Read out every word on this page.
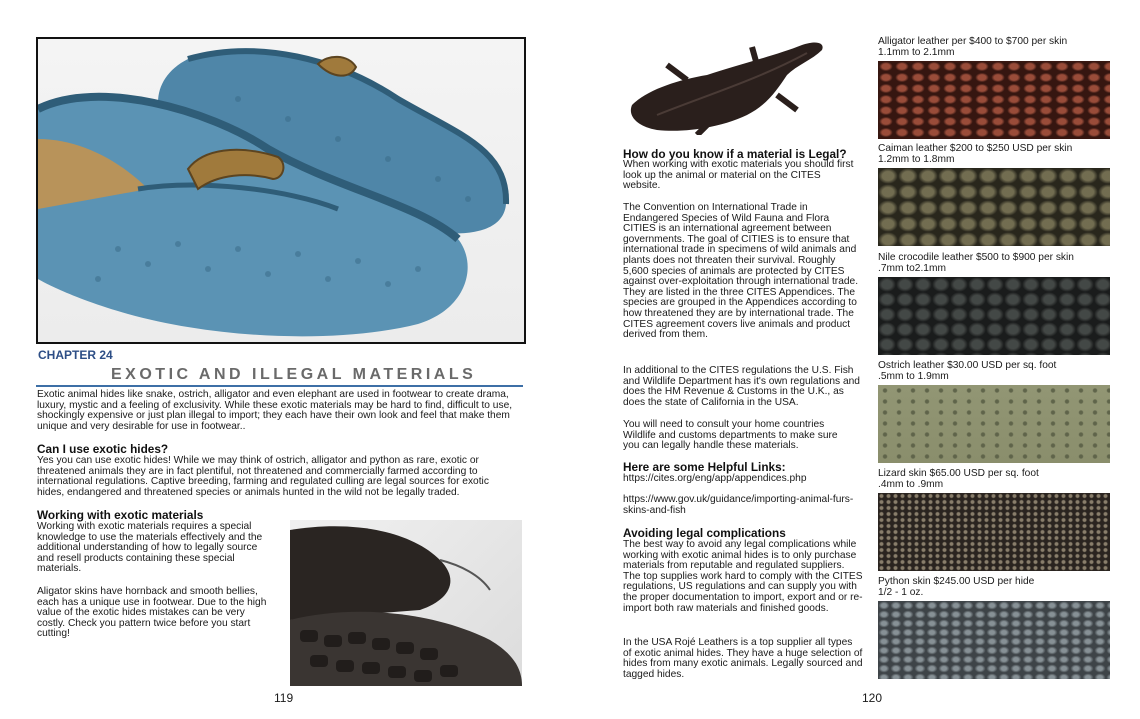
CHAPTER 24
EXOTIC AND ILLEGAL MATERIALS

Exotic animal hides like snake, ostrich, alligator and even elephant are used in footwear to create drama, luxury, mystic and a feeling of exclusivity. While these exotic materials may be hard to find, difficult to use, shockingly expensive or just plan illegal to import; they each have their own look and feel that make them unique and very desirable for use in footwear..

Can I use exotic hides?

Yes you can use exotic hides! While we may think of ostrich, alligator and python as rare, exotic or threatened animals they are in fact plentiful, not threatened and commercially farmed according to international regulations. Captive breeding, farming and regulated culling are legal sources for exotic hides, endangered and threatened species or animals hunted in the wild not be legally traded.

Working with exotic materials

Working with exotic materials requires a special knowledge to use the materials effectively and the additional understanding of how to legally source and resell products containing these special materials.

Aligator skins have hornback and smooth bellies, each has a unique use in footwear. Due to the high value of the exotic hides mistakes can be very costly. Check you pattern twice before you start cutting!

119
How do you know if a material is Legal?

When working with exotic materials you should first look up the animal or material on the CITES website.

The Convention on International Trade in Endangered Species of Wild Fauna and Flora CITIES is an international agreement between governments. The goal of CITIES is to ensure that international trade in specimens of wild animals and plants does not threaten their survival. Roughly 5,600 species of animals are protected by CITES against over-exploitation through international trade. They are listed in the three CITES Appendices. The species are grouped in the Appendices according to how threatened they are by international trade. The CITES agreement covers live animals and product derived from them.

In additional to the CITES regulations the U.S. Fish and Wildlife Department has it's own regulations and does the HM Revenue & Customs in the U.K., as does the state of California in the USA.

You will need to consult your home countries Wildlife and customs departments to make sure you can legally handle these materials.

Here are some Helpful Links:
https://cites.org/eng/app/appendices.php
https://www.gov.uk/guidance/importing-animal-furs-skins-and-fish
Avoiding legal complications

The best way to avoid any legal complications while working with exotic animal hides is to only purchase materials from reputable and regulated suppliers. The top supplies work hard to comply with the CITES regulations, US regulations and can supply you with the proper documentation to import, export and or re-import both raw materials and finished goods.

In the USA Rojé Leathers is a top supplier all types of exotic animal hides. They have a huge selection of hides from many exotic animals. Legally sourced and tagged hides.

120
Alligator leather per $400 to $700 per skin
1.1mm to 2.1mm
Caiman leather $200 to $250 USD per skin
1.2mm to 1.8mm
Nile crocodile leather $500 to $900 per skin
.7mm to2.1mm
Ostrich leather $30.00 USD per sq. foot
.5mm to 1.9mm
Lizard skin $65.00 USD per sq. foot
.4mm to .9mm
Python skin $245.00 USD per hide
1/2 - 1 oz.
